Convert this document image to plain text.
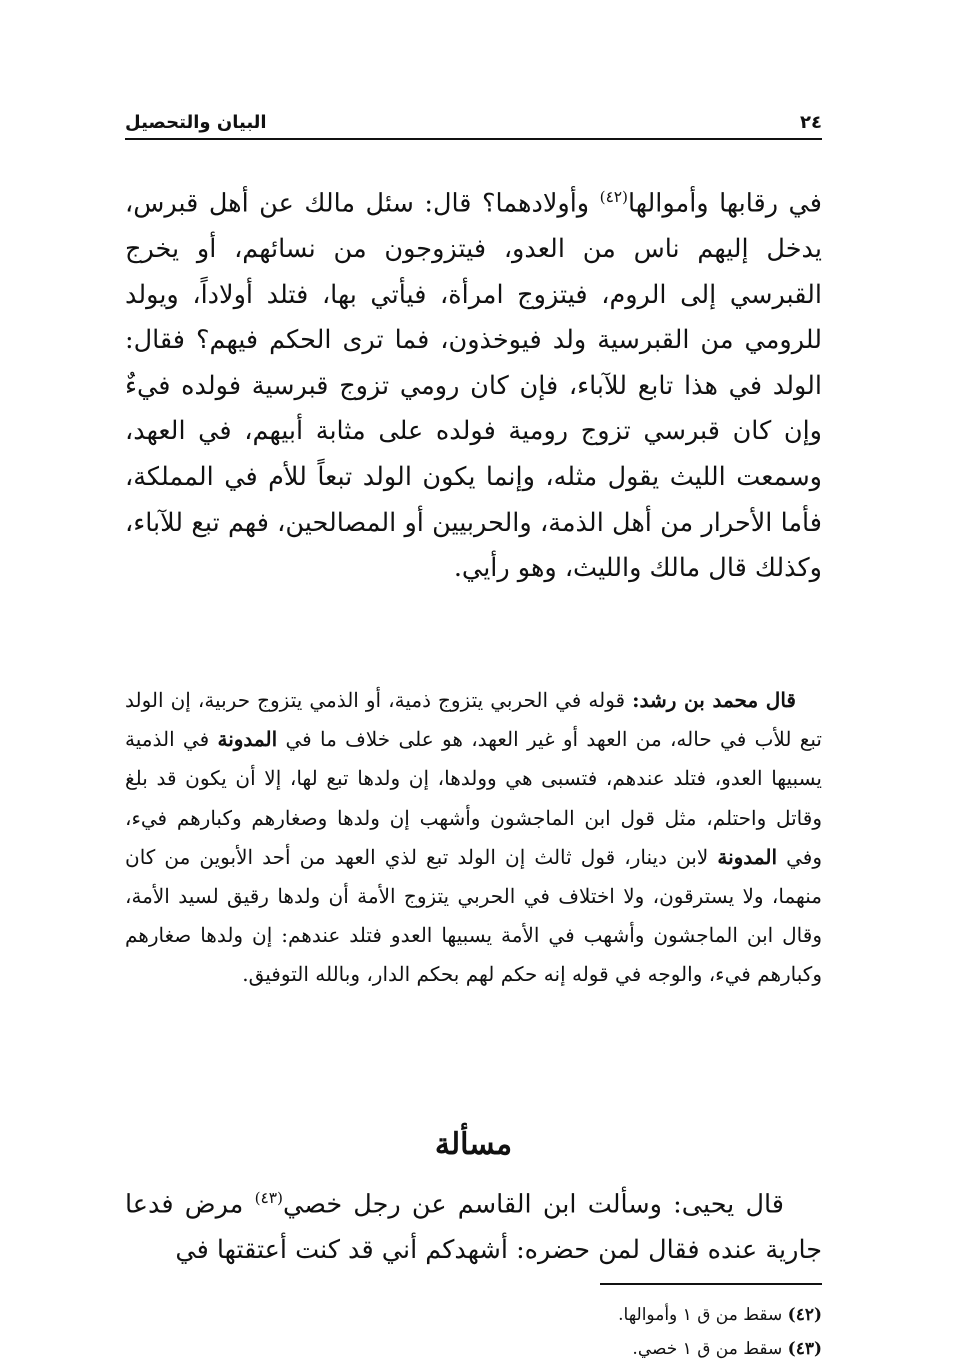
٢٤
البيان والتحصيل

في رقابها وأموالها$^{(٤٢)}$ وأولادهما؟ قال: سئل مالك عن أهل قبرس، يدخل إليهم ناس من العدو، فيتزوجون من نسائهم، أو يخرج القبرسي إلى الروم، فيتزوج امرأة، فيأتي بها، فتلد أولاداً، ويولد للرومي من القبرسية ولد فيوخذون، فما ترى الحكم فيهم؟ فقال: الولد في هذا تابع للآباء، فإن كان رومي تزوج قبرسية فولده فيءٌ وإن كان قبرسي تزوج رومية فولده على مثابة أبيهم، في العهد، وسمعت الليث يقول مثله، وإنما يكون الولد تبعاً للأم في المملكة، فأما الأحرار من أهل الذمة، والحربيين أو المصالحين، فهم تبع للآباء، وكذلك قال مالك والليث، وهو رأيي.

قال محمد بن رشد: قوله في الحربي يتزوج ذمية، أو الذمي يتزوج حربية، إن الولد تبع للأب في حاله، من العهد أو غير العهد، هو على خلاف ما في المدونة في الذمية يسبيها العدو، فتلد عندهم، فتسبى هي وولدها، إن ولدها تبع لها، إلا أن يكون قد بلغ وقاتل واحتلم، مثل قول ابن الماجشون وأشهب إن ولدها وصغارهم وكبارهم فيء، وفي المدونة لابن دينار، قول ثالث إن الولد تبع لذي العهد من أحد الأبوين من كان منهما، ولا يسترقون، ولا اختلاف في الحربي يتزوج الأمة أن ولدها رقيق لسيد الأمة، وقال ابن الماجشون وأشهب في الأمة يسبيها العدو فتلد عندهم: إن ولدها صغارهم وكبارهم فيء، والوجه في قوله إنه حكم لهم بحكم الدار، وبالله التوفيق.

مسألة

قال يحيى: وسألت ابن القاسم عن رجل خصي$^{(٤٣)}$ مرض فدعا جارية عنده فقال لمن حضره: أشهدكم أني قد كنت أعتقتها في

(٤٢) سقط من ق ١ وأموالها.

(٤٣) سقط من ق ١ خصي.
